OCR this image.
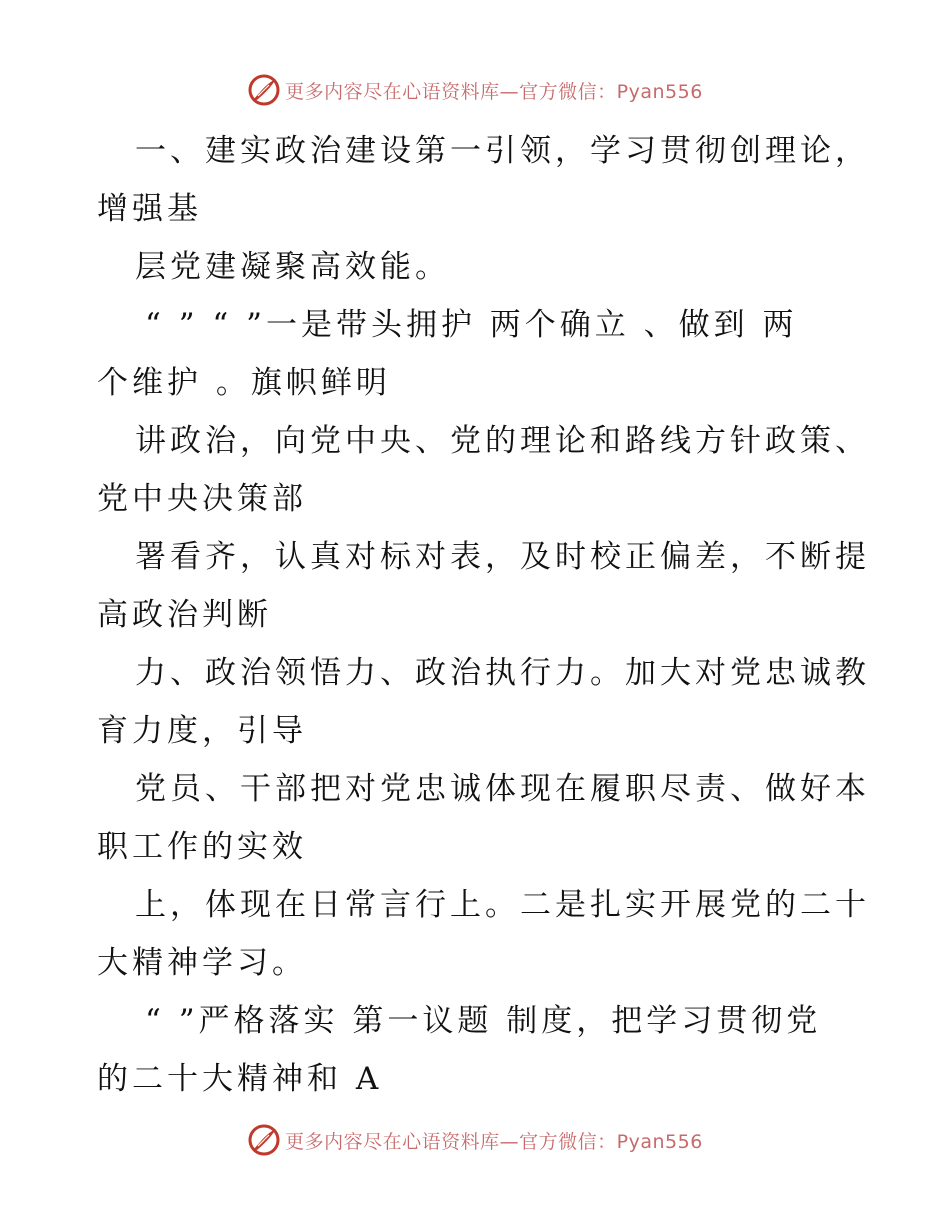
更多内容尽在心语资料库—官方微信：Pyan556
一、建实政治建设第一引领，学习贯彻创理论，
增强基
层党建凝聚高效能。
“ ” “ ”一是带头拥护 两个确立 、做到 两
个维护 。旗帜鲜明
讲政治，向党中央、党的理论和路线方针政策、
党中央决策部
署看齐，认真对标对表，及时校正偏差，不断提
高政治判断
力、政治领悟力、政治执行力。加大对党忠诚教
育力度，引导
党员、干部把对党忠诚体现在履职尽责、做好本
职工作的实效
上，体现在日常言行上。二是扎实开展党的二十
大精神学习。
“ ”严格落实 第一议题 制度，把学习贯彻党
的二十大精神和 A
更多内容尽在心语资料库—官方微信：Pyan556
